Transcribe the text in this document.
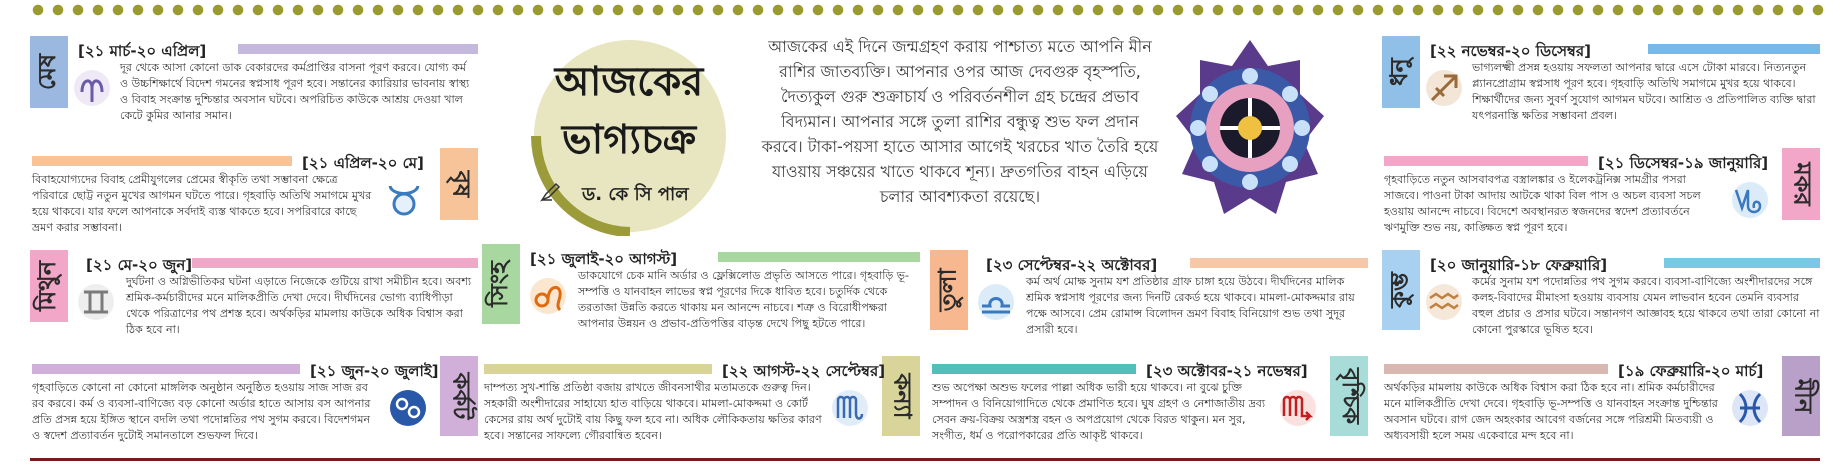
মেষ
[২১ মার্চ-২০ এপ্রিল]
দূর থেকে আসা কোনো ডাক বেকারদের কর্মপ্রাপ্তির বাসনা পূরণ করবে। যোগ্য কর্ম ও উচ্চশিক্ষার্থে বিদেশ গমনের স্বপ্নসাধ পূরণ হবে। সন্তানের ক্যারিয়ার ভাবনায় স্বাস্থ্য ও বিবাহ সংক্রান্ত দুশ্চিন্তার অবসান ঘটবে। অপরিচিত কাউকে আশ্রয় দেওয়া খাল কেটে কুমির আনার সমান।
বৃষ
[২১ এপ্রিল-২০ মে]
বিবাহযোগ্যদের বিবাহ প্রেমীযুগলের প্রেমের স্বীকৃতি তথা সম্ভাবনা ক্ষেত্রে পরিবারে ছোট্ট নতুন মুখের আগমন ঘটতে পারে। গৃহবাড়ি অতিথি সমাগমে মুখর হয়ে থাকবে। যার ফলে আপনাকে সর্বদাই ব্যস্ত থাকতে হবে। সপরিবারে কাছে ভ্রমণ করার সম্ভাবনা।
মিথুন	[২১ মে-২০ জুন]
দুর্ঘটনা ও অগ্নিভীতিকর ঘটনা এড়াতে নিজেকে গুটিয়ে রাখা সমীচীন হবে। অবশ্য শ্রমিক-কর্মচারীদের মনে মালিকপ্রীতি দেখা দেবে। দীর্ঘদিনের ভোগ্য ব্যাধিপীড়া থেকে পরিত্রাণের পথ প্রশস্ত হবে। অর্থকড়ির মামলায় কাউকে অধিক বিশ্বাস করা ঠিক হবে না।
কর্কট
[২১ জুন-২০ জুলাই]
গৃহবাড়িতে কোনো না কোনো মাঙ্গলিক অনুষ্ঠান অনুষ্ঠিত হওয়ায় সাজ সাজ রব রব করবে। কর্ম ও ব্যবসা-বাণিজ্যে বড় কোনো অর্ডার হাতে আসায় বস আপনার প্রতি প্রসন্ন হয়ে ইঙ্গিত স্থানে বদলি তথা পদোন্নতির পথ সুগম করবে। বিদেশগমন ও স্বদেশ প্রত্যাবর্তন দুটোই সমানতালে শুভফল দিবে।
আজকের
ভাগ্যচক্র
ড. কে সি পাল
আজকের এই দিনে জন্মগ্রহণ করায় পাশ্চাত্য মতে আপনি মীন রাশির জাতব্যক্তি। আপনার ওপর আজ দেবগুরু বৃহস্পতি, দৈত্যকুল গুরু শুক্রাচার্য ও পরিবর্তনশীল গ্রহ চন্দ্রের প্রভাব বিদ্যমান। আপনার সঙ্গে তুলা রাশির বন্ধুত্ব শুভ ফল প্রদান করবে। টাকা-পয়সা হাতে আসার আগেই খরচের খাত তৈরি হয়ে যাওয়ায় সঞ্চয়ের খাতে থাকবে শূন্য। দ্রুতগতির বাহন এড়িয়ে চলার আবশ্যকতা রয়েছে।
সিংহ
[২১ জুলাই-২০ আগস্ট]
ডাকযোগে চেক মানি অর্ডার ও ফ্লেক্সিলোড প্রভৃতি আসতে পারে। গৃহবাড়ি ভূ-সম্পত্তি ও যানবাহন লাভের স্বপ্ন পূরণের দিকে ধাবিত হবে। চতুর্দিক থেকে তরতাজা উন্নতি করতে থাকায় মন আনন্দে নাচবে। শত্রু ও বিরোধীপক্ষরা আপনার উন্নয়ন ও প্রভাব-প্রতিপত্তির বাড়ন্ত দেখে পিছু হটতে পারে।
কন্যা
[২২ আগস্ট-২২ সেপ্টেম্বর]
দাম্পত্য সুখ-শান্তি প্রতিষ্ঠা বজায় রাখতে জীবনসাথীর মতামতকে গুরুত্ব দিন। সহকারী অংশীদারের সাহায্যে হাত বাড়িয়ে থাকবে। মামলা-মোকদ্দমা ও কোর্ট কেসের রায় অর্থ দুটোই বায় কিছু ফল হবে না। অধিক লৌকিকতায় ক্ষতির কারণ হবে। সন্তানের সাফল্যে গৌরবান্বিত হবেন।
তুলা
[২৩ সেপ্টেম্বর-২২ অক্টোবর]
কর্ম অর্থ মোক্ষ সুনাম যশ প্রতিষ্ঠার গ্রাফ চাঙ্গা হয়ে উঠবে। দীর্ঘদিনের মালিক শ্রমিক স্বপ্নসাধ পূরণের জন্য দিনটি রেকর্ড হয়ে থাকবে। মামলা-মোকদ্দমার রায় পক্ষে আসবে। প্রেম রোমান্স বিলোদন ভ্রমণ বিবাহ বিনিয়োগ শুভ তথা সুদূর প্রসারী হবে।
বৃশ্চিক
[২৩ অক্টোবর-২১ নভেম্বর]
শুভ অপেক্ষা অশুভ ফলের পাল্লা অধিক ভারী হয়ে থাকবে। না বুঝে চুক্তি সম্পাদন ও বিনিয়োগাদিতে থেকে প্রমাণিত হবে। ঘুষ গ্রহণ ও নেশাজাতীয় দ্রব্য সেবন ক্রয়-বিক্রয় অস্ত্রশস্ত্র বহন ও অপপ্রয়োগ থেকে বিরত থাকুন। মন সুর, সংগীত, ধর্ম ও পরোপকারের প্রতি আকৃষ্ট থাকবে।
ধনু
[২২ নভেম্বর-২০ ডিসেম্বর]
ভাগ্যলক্ষ্মী প্রসন্ন হওয়ায় সফলতা আপনার দ্বারে এসে টোকা মারবে। নিত্যনতুন প্ল্যানপ্রোগ্রাম স্বপ্নসাধ পূরণ হবে। গৃহবাড়ি অতিথি সমাগমে মুখর হয়ে থাকবে। শিক্ষার্থীদের জন্য সুবর্ণ সুযোগ আগমন ঘটবে। আশ্রিত ও প্রতিপালিত ব্যক্তি দ্বারা যৎপরনাস্তি ক্ষতির সম্ভাবনা প্রবল।
মকর
[২১ ডিসেম্বর-১৯ জানুয়ারি]
গৃহবাড়িতে নতুন আসবাবপত্র বস্ত্রালঙ্কার ও ইলেকট্রনিক্স সামগ্রীর পসরা সাজবে। পাওনা টাকা আদায় আটকে থাকা বিল পাস ও অচল ব্যবসা সচল হওয়ায় আনন্দে নাচবে। বিদেশে অবস্থানরত স্বজনদের স্বদেশ প্রত্যাবর্তনে ঋণমুক্তি শুভ নয়, কাঙ্ক্ষিত স্বপ্ন পূরণ হবে।
কুম্ভ
[২০ জানুয়ারি-১৮ ফেব্রুয়ারি]
কর্মের সুনাম যশ পদোন্নতির পথ সুগম করবে। ব্যবসা-বাণিজ্যে অংশীদারদের সঙ্গে কলহ-বিবাদের মীমাংসা হওয়ায় ব্যবসায় যেমন লাভবান হবেন তেমনি ব্যবসার বহুল প্রচার ও প্রসার ঘটবে। সন্তানগণ আজ্ঞাবহ হয়ে থাকবে তথা তারা কোনো না কোনো পুরস্কারে ভূষিত হবে।
মীন
[১৯ ফেব্রুয়ারি-২০ মার্চ]
অর্থকড়ির মামলায় কাউকে অধিক বিশ্বাস করা ঠিক হবে না। শ্রমিক কর্মচারীদের মনে মালিকপ্রীতি দেখা দেবে। গৃহবাড়ি ভূ-সম্পত্তি ও যানবাহন সংক্রান্ত দুশ্চিন্তার অবসান ঘটবে। রাগ জেদ অহংকার আবেগ বর্জনের সঙ্গে পরিশ্রমী মিতব্যয়ী ও অধ্যবসায়ী হলে সময় একেবারে মন্দ হবে না।
